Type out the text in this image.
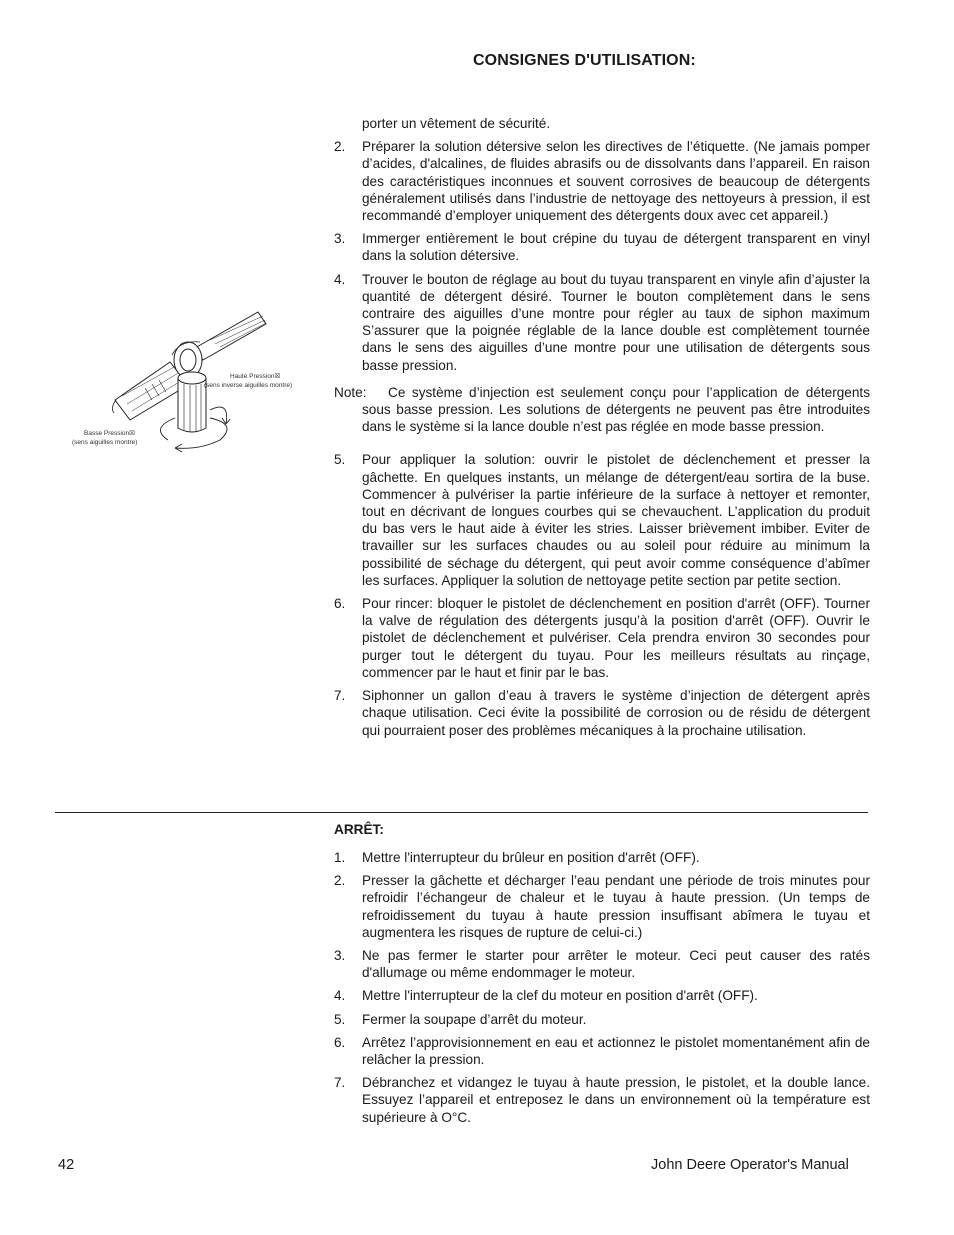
CONSIGNES D'UTILISATION:
Haute Pression☒
(sens inverse aiguilles montre)
Basse Pression☒
(sens aiguilles montre)
porter un vêtement de sécurité.
2. Préparer la solution détersive selon les directives de l’étiquette. (Ne jamais pomper d’acides, d'alcalines, de fluides abrasifs ou de dissolvants dans l’appareil. En raison des caractéristiques inconnues et souvent corrosives de beaucoup de détergents généralement utilisés dans l’industrie de nettoyage des nettoyeurs à pression, il est recommandé d’employer uniquement des détergents doux avec cet appareil.)
3. Immerger entièrement le bout crépine du tuyau de détergent transparent en vinyl dans la solution détersive.
4. Trouver le bouton de réglage au bout du tuyau transparent en vinyle afin d’ajuster la quantité de détergent désiré. Tourner le bouton complètement dans le sens contraire des aiguilles d’une montre pour régler au taux de siphon maximum S’assurer que la poignée réglable de la lance double est complètement tournée dans le sens des aiguilles d’une montre pour une utilisation de détergents sous basse pression.
Note:	Ce système d’injection est seulement conçu pour l’application de détergents sous basse pression. Les solutions de détergents ne peuvent pas être introduites dans le système si la lance double n’est pas réglée en mode basse pression.
5. Pour appliquer la solution: ouvrir le pistolet de déclenchement et presser la gâchette. En quelques instants, un mélange de détergent/eau sortira de la buse. Commencer à pulvériser la partie inférieure de la surface à nettoyer et remonter, tout en décrivant de longues courbes qui se chevauchent. L’application du produit du bas vers le haut aide à éviter les stries. Laisser brièvement imbiber. Eviter de travailler sur les surfaces chaudes ou au soleil pour réduire au minimum la possibilité de séchage du détergent, qui peut avoir comme conséquence d’abîmer les surfaces. Appliquer la solution de nettoyage petite section par petite section.
6. Pour rincer: bloquer le pistolet de déclenchement en position d'arrêt (OFF). Tourner la valve de régulation des détergents jusqu’à la position d'arrêt (OFF). Ouvrir le pistolet de déclenchement et pulvériser. Cela prendra environ 30 secondes pour purger tout le détergent du tuyau. Pour les meilleurs résultats au rinçage, commencer par le haut et finir par le bas.
7. Siphonner un gallon d’eau à travers le système d’injection de détergent après chaque utilisation. Ceci évite la possibilité de corrosion ou de résidu de détergent qui pourraient poser des problèmes mécaniques à la prochaine utilisation.
ARRÊT:
1. Mettre l'interrupteur du brûleur en position d'arrêt (OFF).
2. Presser la gâchette et décharger l’eau pendant une période de trois minutes pour refroidir l’échangeur de chaleur et le tuyau à haute pression. (Un temps de refroidissement du tuyau à haute pression insuffisant abîmera le tuyau et augmentera les risques de rupture de celui-ci.)
3. Ne pas fermer le starter pour arrêter le moteur. Ceci peut causer des ratés d'allumage ou même endommager le moteur.
4. Mettre l'interrupteur de la clef du moteur en position d'arrêt (OFF).
5. Fermer la soupape d’arrêt du moteur.
6. Arrêtez l’approvisionnement en eau et actionnez le pistolet momentanément afin de relâcher la pression.
7. Débranchez et vidangez le tuyau à haute pression, le pistolet, et la double lance. Essuyez l’appareil et entreposez le dans un environnement où la température est supérieure à O°C.
42	John Deere Operator's Manual
